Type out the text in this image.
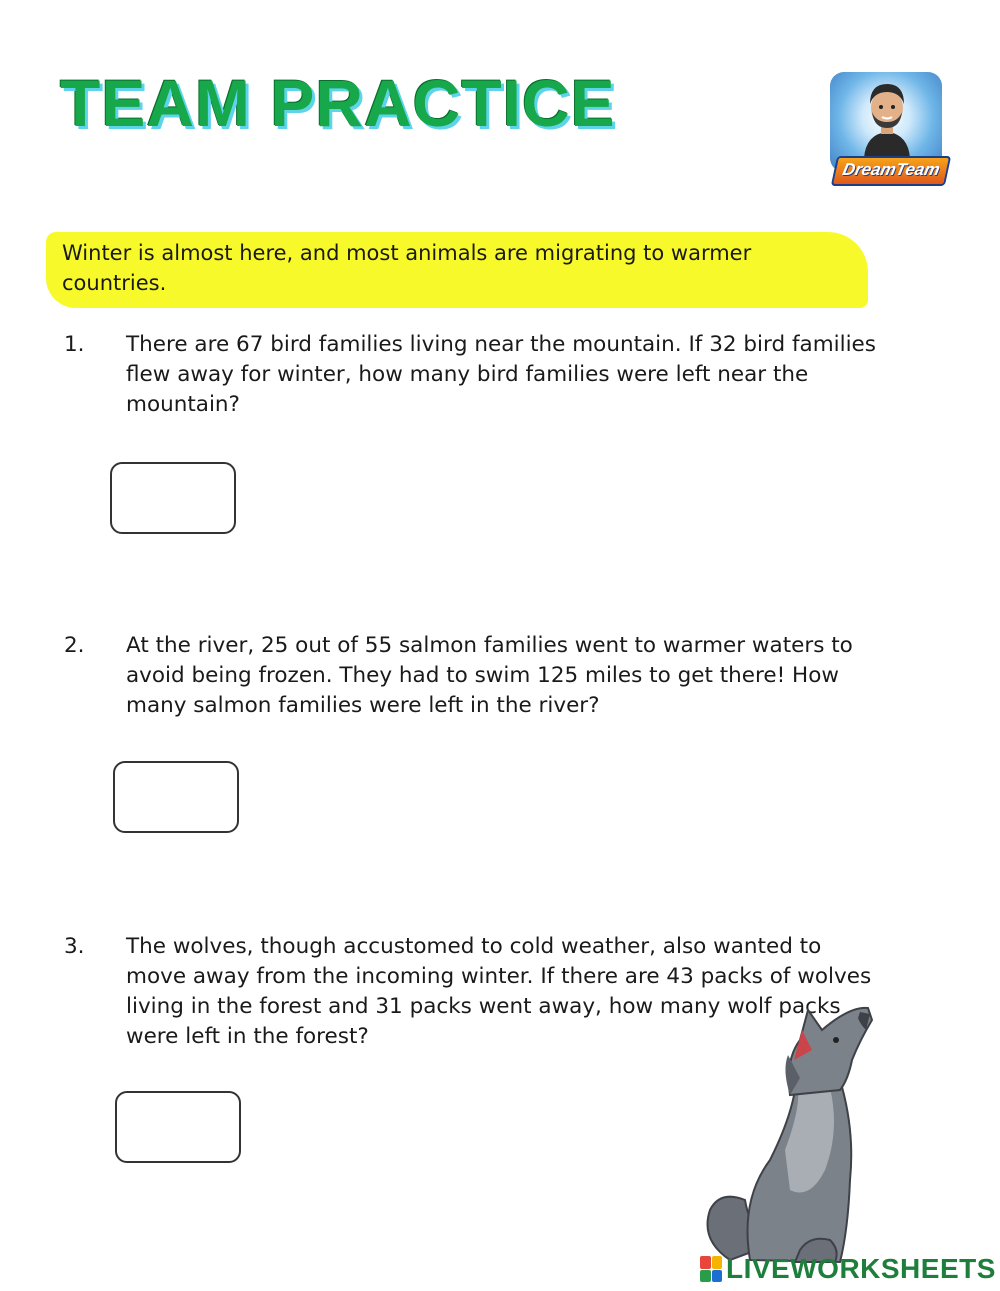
TEAM PRACTICE
DreamTeam
Winter is almost here, and most animals are migrating to warmer countries.
1.	There are 67 bird families living near the mountain. If 32 bird families flew away for winter, how many bird families were left near the mountain?
2.	At the river, 25 out of 55 salmon families went to warmer waters to avoid being frozen. They had to swim 125 miles to get there! How many salmon families were left in the river?
3.	The wolves, though accustomed to cold weather, also wanted to move away from the incoming winter. If there are 43 packs of wolves living in the forest and 31 packs went away, how many wolf packs were left in the forest?
LIVEWORKSHEETS
